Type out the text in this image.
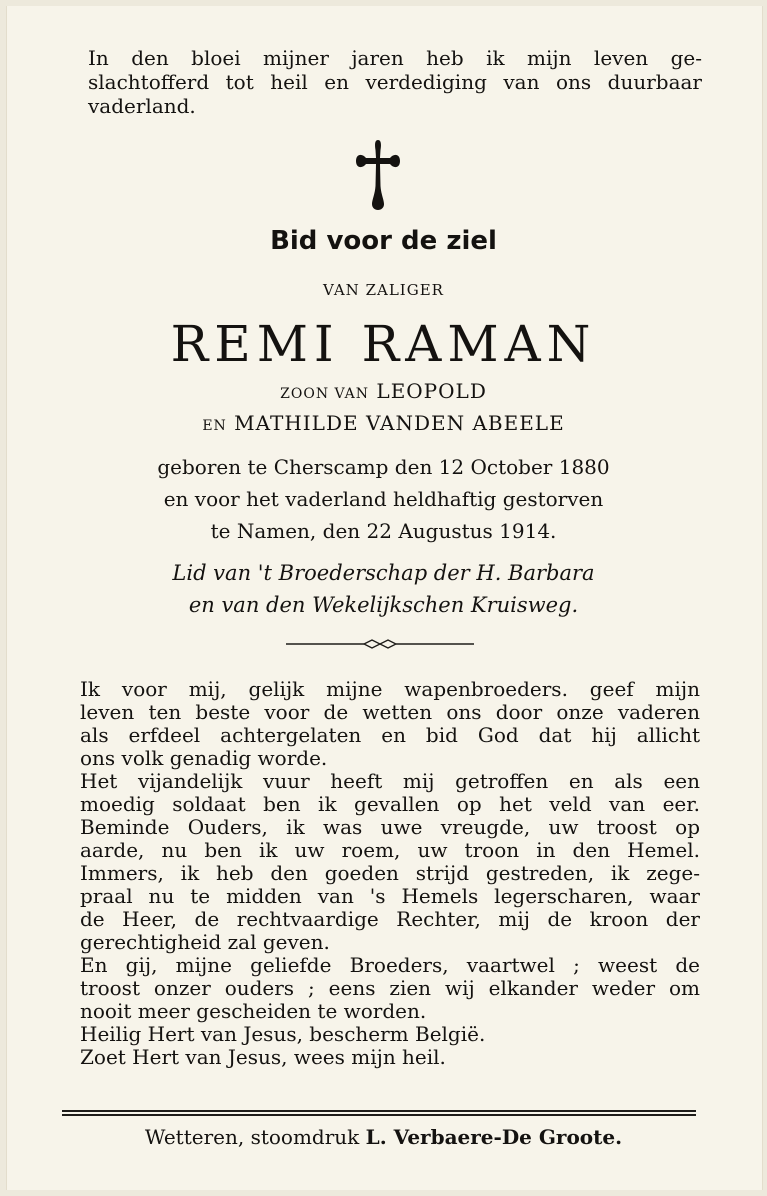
In den bloei mijner jaren heb ik mijn leven ge-

slachtofferd tot heil en verdediging van ons duurbaar

vaderland.

Bid voor de ziel

VAN ZALIGER

REMI RAMAN

ZOON VAN LEOPOLD

EN MATHILDE VANDEN ABEELE

geboren te Cherscamp den 12 October 1880

en voor het vaderland heldhaftig gestorven

te Namen, den 22 Augustus 1914.

Lid van 't Broederschap der H. Barbara

en van den Wekelijkschen Kruisweg.

Ik voor mij, gelijk mijne wapenbroeders. geef mijn

leven ten beste voor de wetten ons door onze vaderen

als erfdeel achtergelaten en bid God dat hij allicht

ons volk genadig worde.

Het vijandelijk vuur heeft mij getroffen en als een

moedig soldaat ben ik gevallen op het veld van eer.

Beminde Ouders, ik was uwe vreugde, uw troost op

aarde, nu ben ik uw roem, uw troon in den Hemel.

Immers, ik heb den goeden strijd gestreden, ik zege-

praal nu te midden van 's Hemels legerscharen, waar

de Heer, de rechtvaardige Rechter, mij de kroon der

gerechtigheid zal geven.

En gij, mijne geliefde Broeders, vaartwel ; weest de

troost onzer ouders ; eens zien wij elkander weder om

nooit meer gescheiden te worden.

Heilig Hert van Jesus, bescherm België.

Zoet Hert van Jesus, wees mijn heil.

Wetteren, stoomdruk L. Verbaere-De Groote.
